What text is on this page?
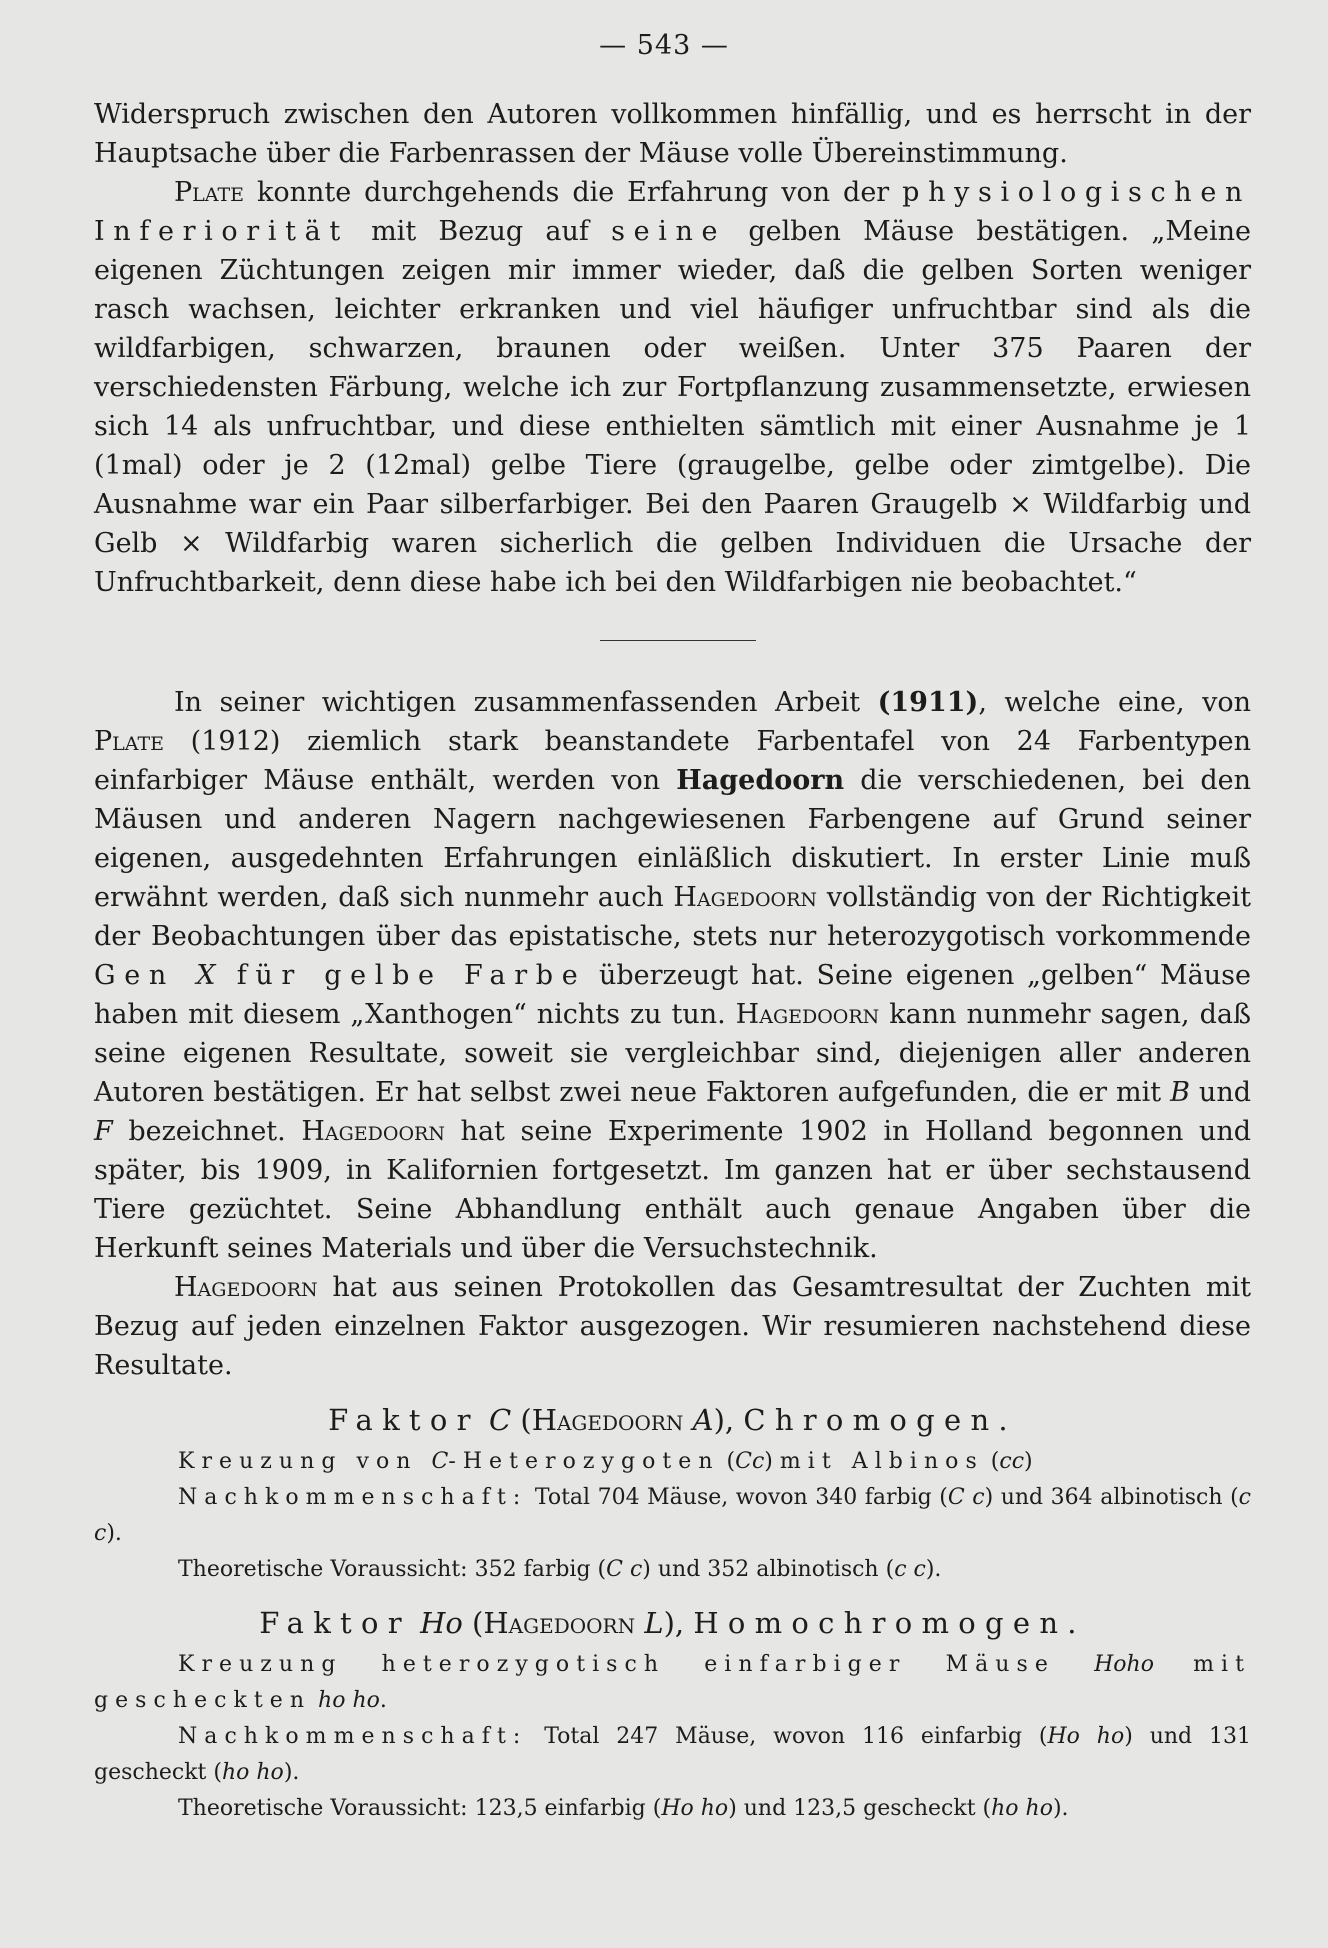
— 543 —

Widerspruch zwischen den Autoren vollkommen hinfällig, und es herrscht in der Hauptsache über die Farbenrassen der Mäuse volle Übereinstimmung.

Plate konnte durchgehends die Erfahrung von der physiologischen Inferiorität mit Bezug auf seine gelben Mäuse bestätigen. „Meine eigenen Züchtungen zeigen mir immer wieder, daß die gelben Sorten weniger rasch wachsen, leichter erkranken und viel häufiger unfruchtbar sind als die wildfarbigen, schwarzen, braunen oder weißen. Unter 375 Paaren der verschiedensten Färbung, welche ich zur Fortpflanzung zusammensetzte, erwiesen sich 14 als unfruchtbar, und diese enthielten sämtlich mit einer Ausnahme je 1 (1mal) oder je 2 (12mal) gelbe Tiere (graugelbe, gelbe oder zimtgelbe). Die Ausnahme war ein Paar silberfarbiger. Bei den Paaren Graugelb × Wildfarbig und Gelb × Wildfarbig waren sicherlich die gelben Individuen die Ursache der Unfruchtbarkeit, denn diese habe ich bei den Wildfarbigen nie beobachtet.“

In seiner wichtigen zusammenfassenden Arbeit (1911), welche eine, von Plate (1912) ziemlich stark beanstandete Farbentafel von 24 Farbentypen einfarbiger Mäuse enthält, werden von Hagedoorn die verschiedenen, bei den Mäusen und anderen Nagern nachgewiesenen Farbengene auf Grund seiner eigenen, ausgedehnten Erfahrungen einläßlich diskutiert. In erster Linie muß erwähnt werden, daß sich nunmehr auch Hagedoorn vollständig von der Richtigkeit der Beobachtungen über das epistatische, stets nur heterozygotisch vorkommende Gen X für gelbe Farbe überzeugt hat. Seine eigenen „gelben“ Mäuse haben mit diesem „Xanthogen“ nichts zu tun. Hagedoorn kann nunmehr sagen, daß seine eigenen Resultate, soweit sie vergleichbar sind, diejenigen aller anderen Autoren bestätigen. Er hat selbst zwei neue Faktoren aufgefunden, die er mit B und F bezeichnet. Hagedoorn hat seine Experimente 1902 in Holland begonnen und später, bis 1909, in Kalifornien fortgesetzt. Im ganzen hat er über sechstausend Tiere gezüchtet. Seine Abhandlung enthält auch genaue Angaben über die Herkunft seines Materials und über die Versuchstechnik.

Hagedoorn hat aus seinen Protokollen das Gesamtresultat der Zuchten mit Bezug auf jeden einzelnen Faktor ausgezogen. Wir resumieren nachstehend diese Resultate.

Faktor C (Hagedoorn A), Chromogen.

Kreuzung von C-Heterozygoten (Cc) mit Albinos (cc)

Nachkommenschaft: Total 704 Mäuse, wovon 340 farbig (C c) und 364 albinotisch (c c).

Theoretische Voraussicht: 352 farbig (C c) und 352 albinotisch (c c).

Faktor Ho (Hagedoorn L), Homochromogen.

Kreuzung heterozygotisch einfarbiger Mäuse Hoho mit gescheckten ho ho.

Nachkommenschaft: Total 247 Mäuse, wovon 116 einfarbig (Ho ho) und 131 gescheckt (ho ho).

Theoretische Voraussicht: 123,5 einfarbig (Ho ho) und 123,5 gescheckt (ho ho).
